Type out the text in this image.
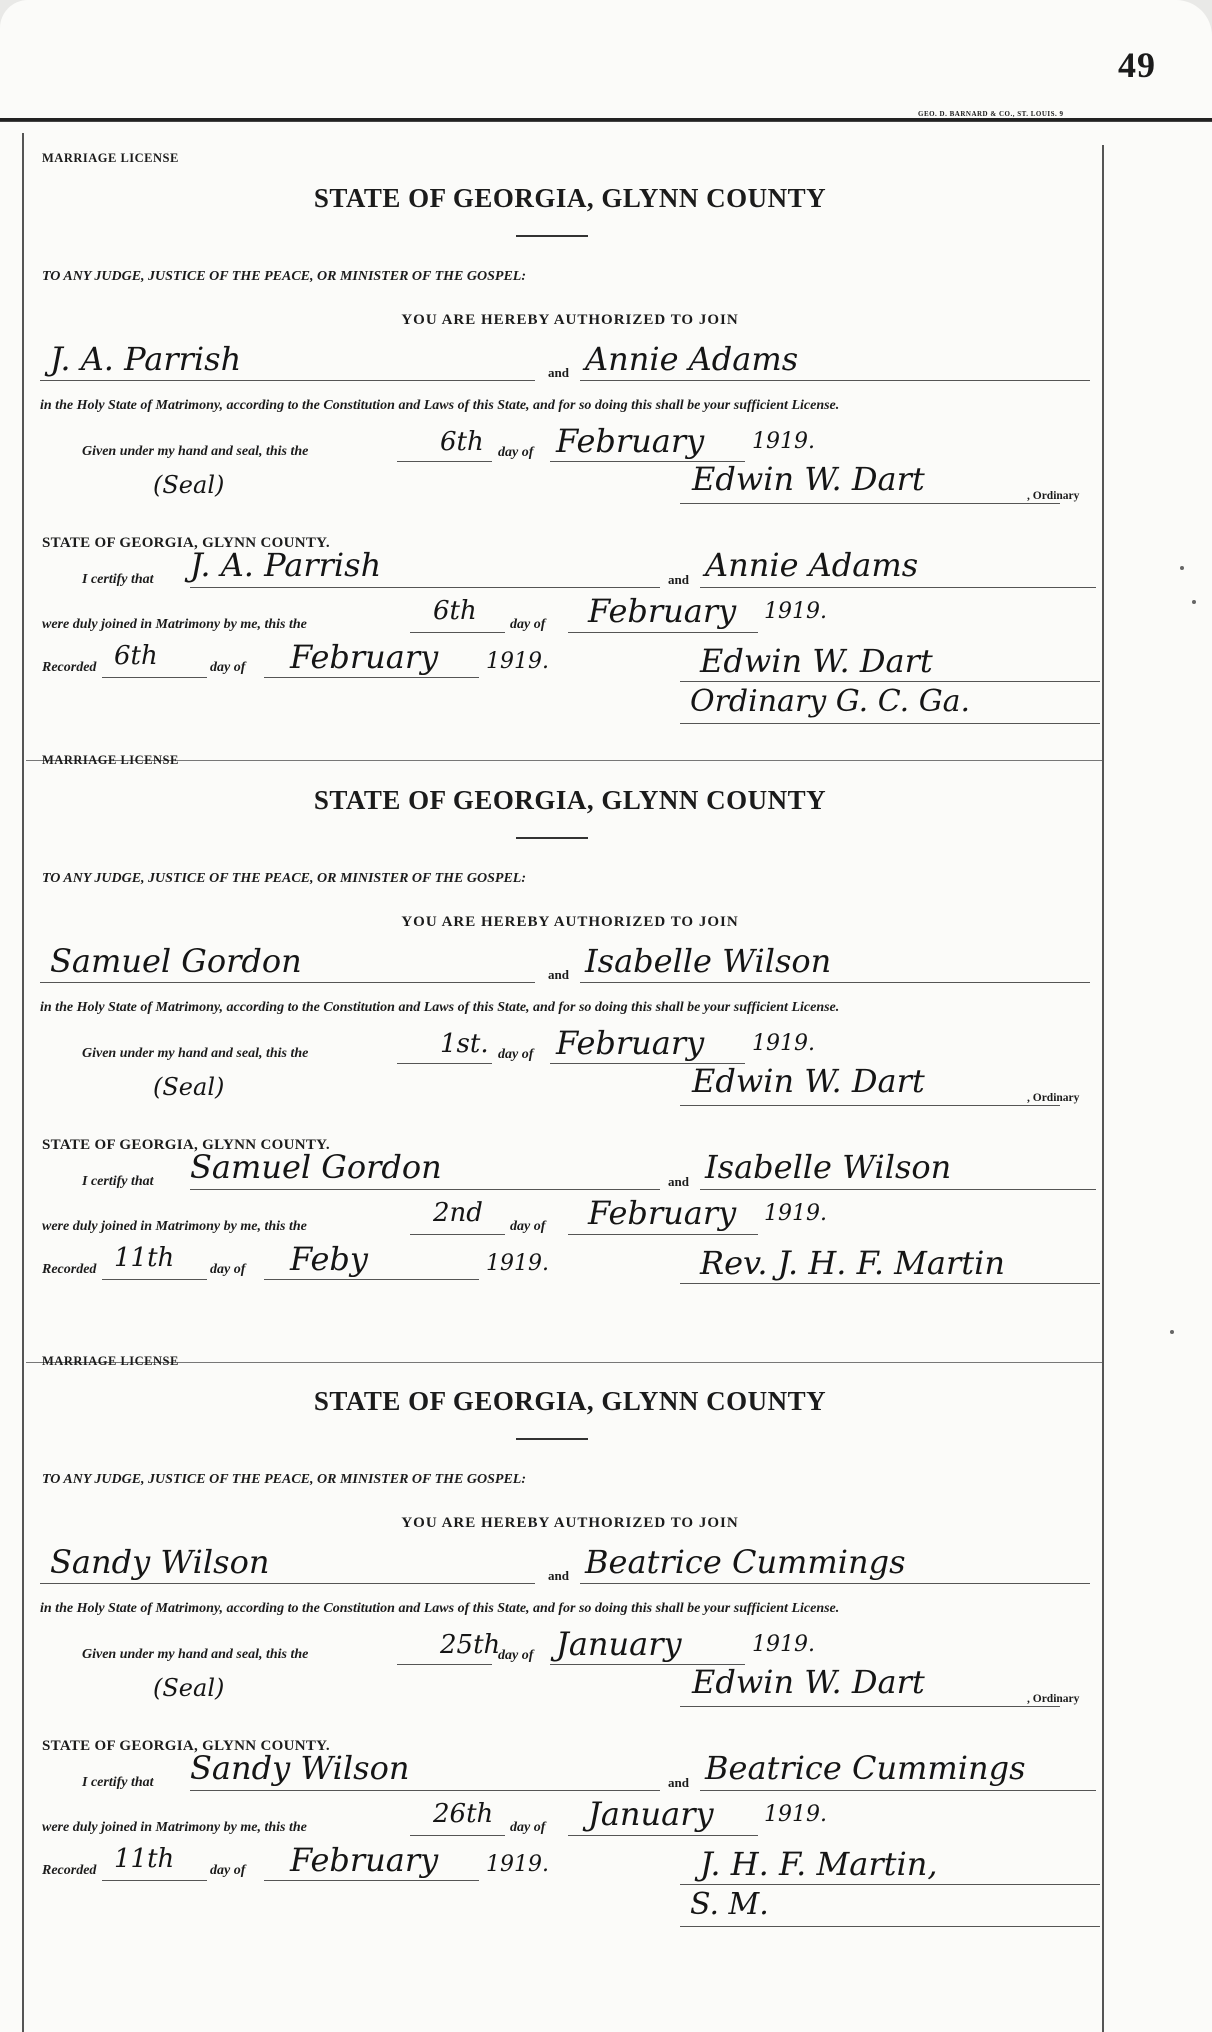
49
GEO. D. BARNARD & CO., ST. LOUIS. 9
MARRIAGE LICENSE
STATE OF GEORGIA, GLYNN COUNTY
TO ANY JUDGE, JUSTICE OF THE PEACE, OR MINISTER OF THE GOSPEL:
YOU ARE HEREBY AUTHORIZED TO JOIN
J. A. Parrish	and Annie Adams
in the Holy State of Matrimony, according to the Constitution and Laws of this State, and for so doing this shall be your sufficient License.
Given under my hand and seal, this the	6th day of February 1919.
(Seal)	Edwin W. Dart	, Ordinary
STATE OF GEORGIA, GLYNN COUNTY.
I certify that J. A. Parrish	and Annie Adams
were duly joined in Matrimony by me, this the	6th day of February 1919.
Recorded 6th	day of February 1919.	Edwin W. Dart
Ordinary G. C. Ga.
MARRIAGE LICENSE
STATE OF GEORGIA, GLYNN COUNTY
TO ANY JUDGE, JUSTICE OF THE PEACE, OR MINISTER OF THE GOSPEL:
YOU ARE HEREBY AUTHORIZED TO JOIN
Samuel Gordon	and Isabelle Wilson
in the Holy State of Matrimony, according to the Constitution and Laws of this State, and for so doing this shall be your sufficient License.
Given under my hand and seal, this the	1st. day of February 1919.
(Seal)	Edwin W. Dart	, Ordinary
STATE OF GEORGIA, GLYNN COUNTY.
I certify that Samuel Gordon	and Isabelle Wilson
were duly joined in Matrimony by me, this the	2nd day of February 1919.
Recorded 11th	day of Feby	1919.	Rev. J. H. F. Martin
MARRIAGE LICENSE
STATE OF GEORGIA, GLYNN COUNTY
TO ANY JUDGE, JUSTICE OF THE PEACE, OR MINISTER OF THE GOSPEL:
YOU ARE HEREBY AUTHORIZED TO JOIN
Sandy Wilson	and Beatrice Cummings
in the Holy State of Matrimony, according to the Constitution and Laws of this State, and for so doing this shall be your sufficient License.
Given under my hand and seal, this the	25th
day of January	1919.
(Seal)	Edwin W. Dart	, Ordinary
STATE OF GEORGIA, GLYNN COUNTY.
I certify that Sandy Wilson	and Beatrice Cummings
were duly joined in Matrimony by me, this the	26th day of January 1919.
Recorded 11th	day of February 1919.	J. H. F. Martin,
S. M.
